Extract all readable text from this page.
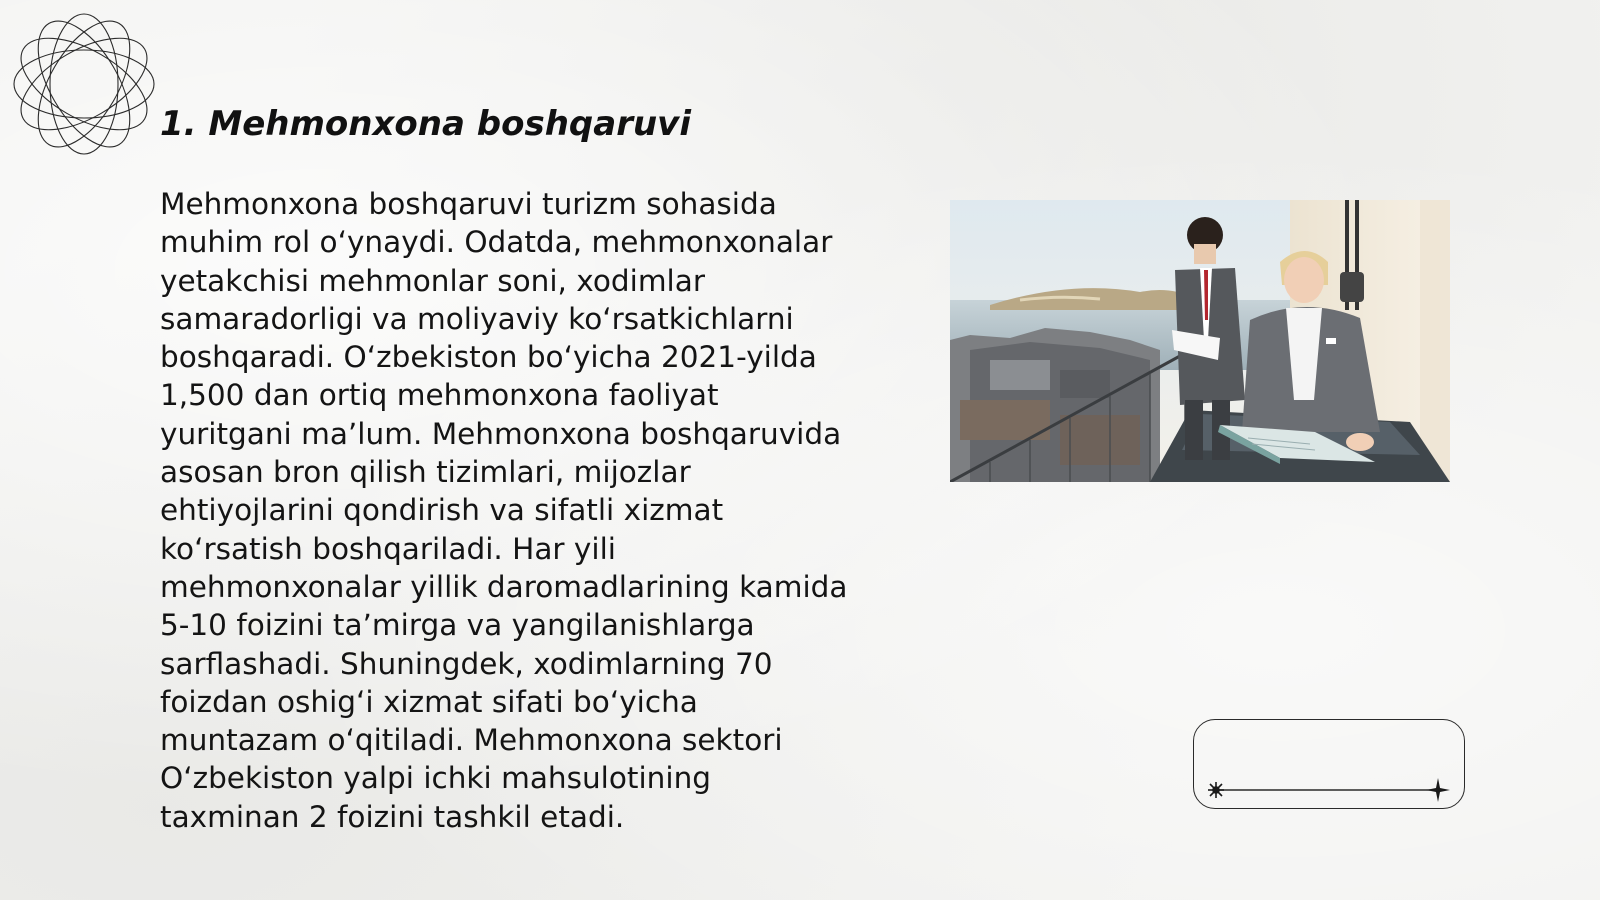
1. Mehmonxona boshqaruvi

Mehmonxona boshqaruvi turizm sohasida muhim rol o‘ynaydi. Odatda, mehmonxonalar yetakchisi mehmonlar soni, xodimlar samaradorligi va moliyaviy ko‘rsatkichlarni boshqaradi. O‘zbekiston bo‘yicha 2021-yilda 1,500 dan ortiq mehmonxona faoliyat yuritgani ma’lum. Mehmonxona boshqaruvida asosan bron qilish tizimlari, mijozlar ehtiyojlarini qondirish va sifatli xizmat ko‘rsatish boshqariladi. Har yili mehmonxonalar yillik daromadlarining kamida 5-10 foizini ta’mirga va yangilanishlarga sarflashadi. Shuningdek, xodimlarning 70 foizdan oshig‘i xizmat sifati bo‘yicha muntazam o‘qitiladi. Mehmonxona sektori O‘zbekiston yalpi ichki mahsulotining taxminan 2 foizini tashkil etadi.
